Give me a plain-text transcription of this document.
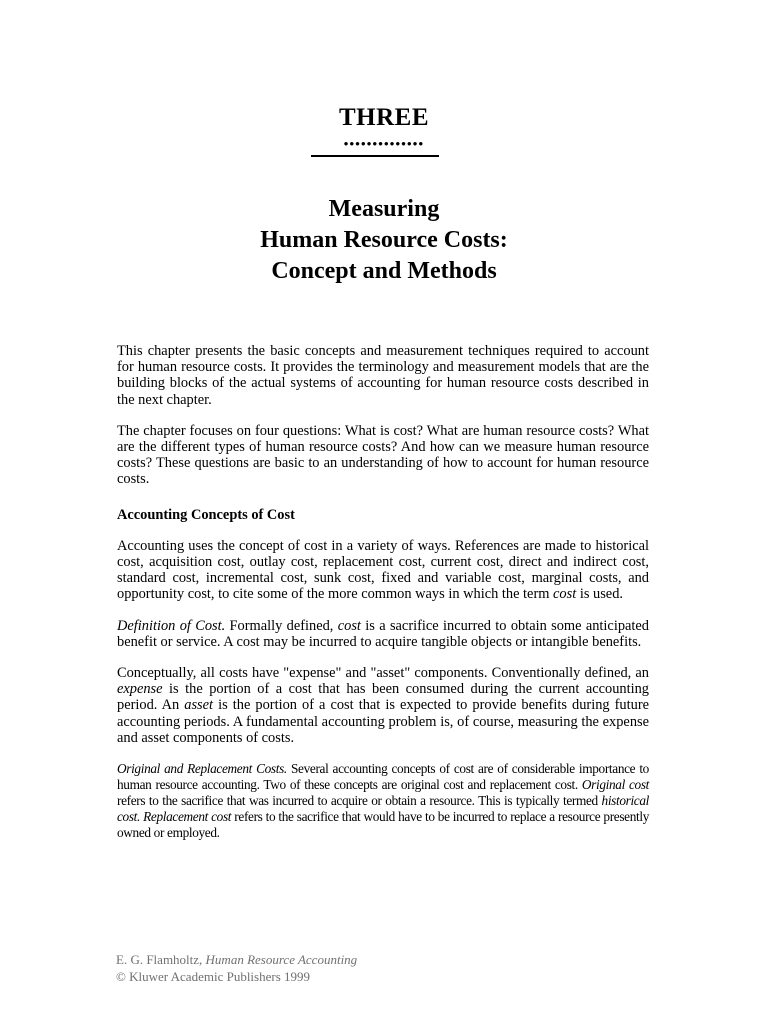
THREE
••••••••••••••
Measuring
Human Resource Costs:
Concept and Methods

This chapter presents the basic concepts and measurement techniques required to account for human resource costs. It provides the terminology and measurement models that are the building blocks of the actual systems of accounting for human resource costs described in the next chapter.

The chapter focuses on four questions: What is cost? What are human resource costs? What are the different types of human resource costs? And how can we measure human resource costs? These questions are basic to an understanding of how to account for human resource costs.

Accounting Concepts of Cost

Accounting uses the concept of cost in a variety of ways. References are made to historical cost, acquisition cost, outlay cost, replacement cost, current cost, direct and indirect cost, standard cost, incremental cost, sunk cost, fixed and variable cost, marginal costs, and opportunity cost, to cite some of the more common ways in which the term cost is used.

Definition of Cost. Formally defined, cost is a sacrifice incurred to obtain some anticipated benefit or service. A cost may be incurred to acquire tangible objects or intangible benefits.

Conceptually, all costs have "expense" and "asset" components. Conventionally defined, an expense is the portion of a cost that has been consumed during the current accounting period. An asset is the portion of a cost that is expected to provide benefits during future accounting periods. A fundamental accounting problem is, of course, measuring the expense and asset components of costs.

Original and Replacement Costs. Several accounting concepts of cost are of considerable importance to human resource accounting. Two of these concepts are original cost and replacement cost. Original cost refers to the sacrifice that was incurred to acquire or obtain a resource. This is typically termed historical cost. Replacement cost refers to the sacrifice that would have to be incurred to replace a resource presently owned or employed.

E. G. Flamholtz, Human Resource Accounting
© Kluwer Academic Publishers 1999
